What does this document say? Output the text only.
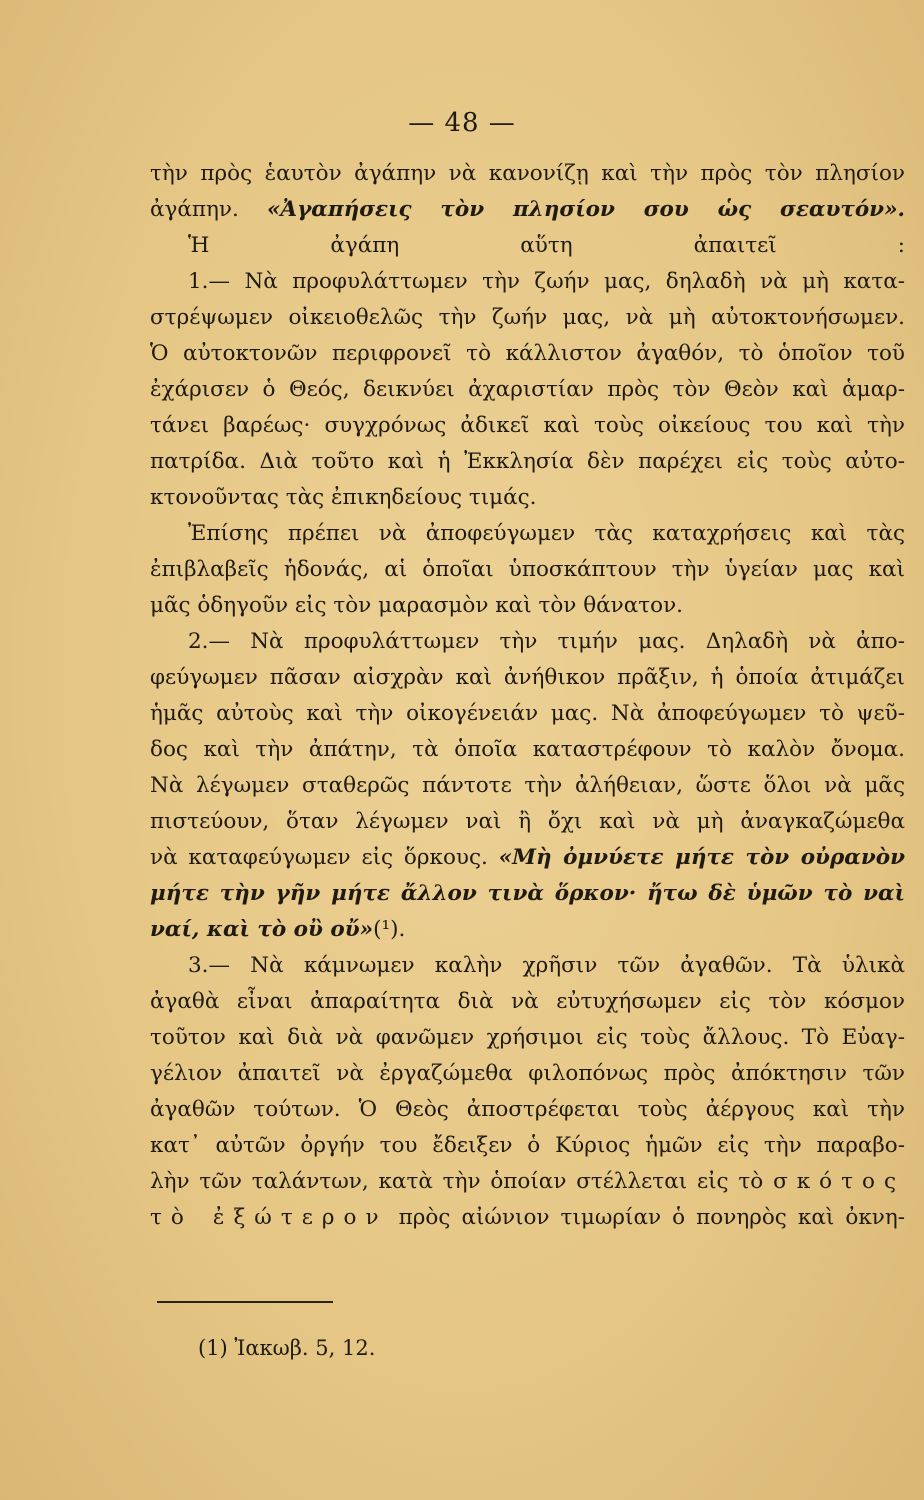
— 48 —
τὴν πρὸς ἑαυτὸν ἀγάπην νὰ κανονίζῃ καὶ τὴν πρὸς τὸν πλησίον
ἀγάπην. «Ἀγαπήσεις τὸν πλησίον σου ὡς σεαυτόν».
Ἡ ἀγάπη αὕτη ἀπαιτεῖ :
1.— Νὰ προφυλάττωμεν τὴν ζωήν μας, δηλαδὴ νὰ μὴ κατα-
στρέψωμεν οἰκειοθελῶς τὴν ζωήν μας, νὰ μὴ αὐτοκτονήσωμεν.
Ὁ αὐτοκτονῶν περιφρονεῖ τὸ κάλλιστον ἀγαθόν, τὸ ὁποῖον τοῦ
ἐχάρισεν ὁ Θεός, δεικνύει ἀχαριστίαν πρὸς τὸν Θεὸν καὶ ἁμαρ-
τάνει βαρέως· συγχρόνως ἀδικεῖ καὶ τοὺς οἰκείους του καὶ τὴν
πατρίδα. Διὰ τοῦτο καὶ ἡ Ἐκκλησία δὲν παρέχει εἰς τοὺς αὐτο-
κτονοῦντας τὰς ἐπικηδείους τιμάς.
Ἐπίσης πρέπει νὰ ἀποφεύγωμεν τὰς καταχρήσεις καὶ τὰς
ἐπιβλαβεῖς ἡδονάς, αἱ ὁποῖαι ὑποσκάπτουν τὴν ὑγείαν μας καὶ
μᾶς ὁδηγοῦν εἰς τὸν μαρασμὸν καὶ τὸν θάνατον.
2.— Νὰ προφυλάττωμεν τὴν τιμήν μας. Δηλαδὴ νὰ ἀπο-
φεύγωμεν πᾶσαν αἰσχρὰν καὶ ἀνήθικον πρᾶξιν, ἡ ὁποία ἀτιμάζει
ἡμᾶς αὐτοὺς καὶ τὴν οἰκογένειάν μας. Νὰ ἀποφεύγωμεν τὸ ψεῦ-
δος καὶ τὴν ἀπάτην, τὰ ὁποῖα καταστρέφουν τὸ καλὸν ὄνομα.
Νὰ λέγωμεν σταθερῶς πάντοτε τὴν ἀλήθειαν, ὥστε ὅλοι νὰ μᾶς
πιστεύουν, ὅταν λέγωμεν ναὶ ἢ ὄχι καὶ νὰ μὴ ἀναγκαζώμεθα
νὰ καταφεύγωμεν εἰς ὅρκους. «Μὴ ὀμνύετε μήτε τὸν οὐρανὸν
μήτε τὴν γῆν μήτε ἄλλον τινὰ ὅρκον· ἤτω δὲ ὑμῶν τὸ ναὶ
ναί, καὶ τὸ οὒ οὔ»(¹).
3.— Νὰ κάμνωμεν καλὴν χρῆσιν τῶν ἀγαθῶν. Τὰ ὑλικὰ
ἀγαθὰ εἶναι ἀπαραίτητα διὰ νὰ εὐτυχήσωμεν εἰς τὸν κόσμον
τοῦτον καὶ διὰ νὰ φανῶμεν χρήσιμοι εἰς τοὺς ἄλλους. Τὸ Εὐαγ-
γέλιον ἀπαιτεῖ νὰ ἐργαζώμεθα φιλοπόνως πρὸς ἀπόκτησιν τῶν
ἀγαθῶν τούτων. Ὁ Θεὸς ἀποστρέφεται τοὺς ἀέργους καὶ τὴν
κατ᾽ αὐτῶν ὀργήν του ἔδειξεν ὁ Κύριος ἡμῶν εἰς τὴν παραβο-
λὴν τῶν ταλάντων, κατὰ τὴν ὁποίαν στέλλεται εἰς τὸ σκότος
τὸ ἐξώτερον πρὸς αἰώνιον τιμωρίαν ὁ πονηρὸς καὶ ὀκνη-
(1) Ἰακωβ. 5, 12.
